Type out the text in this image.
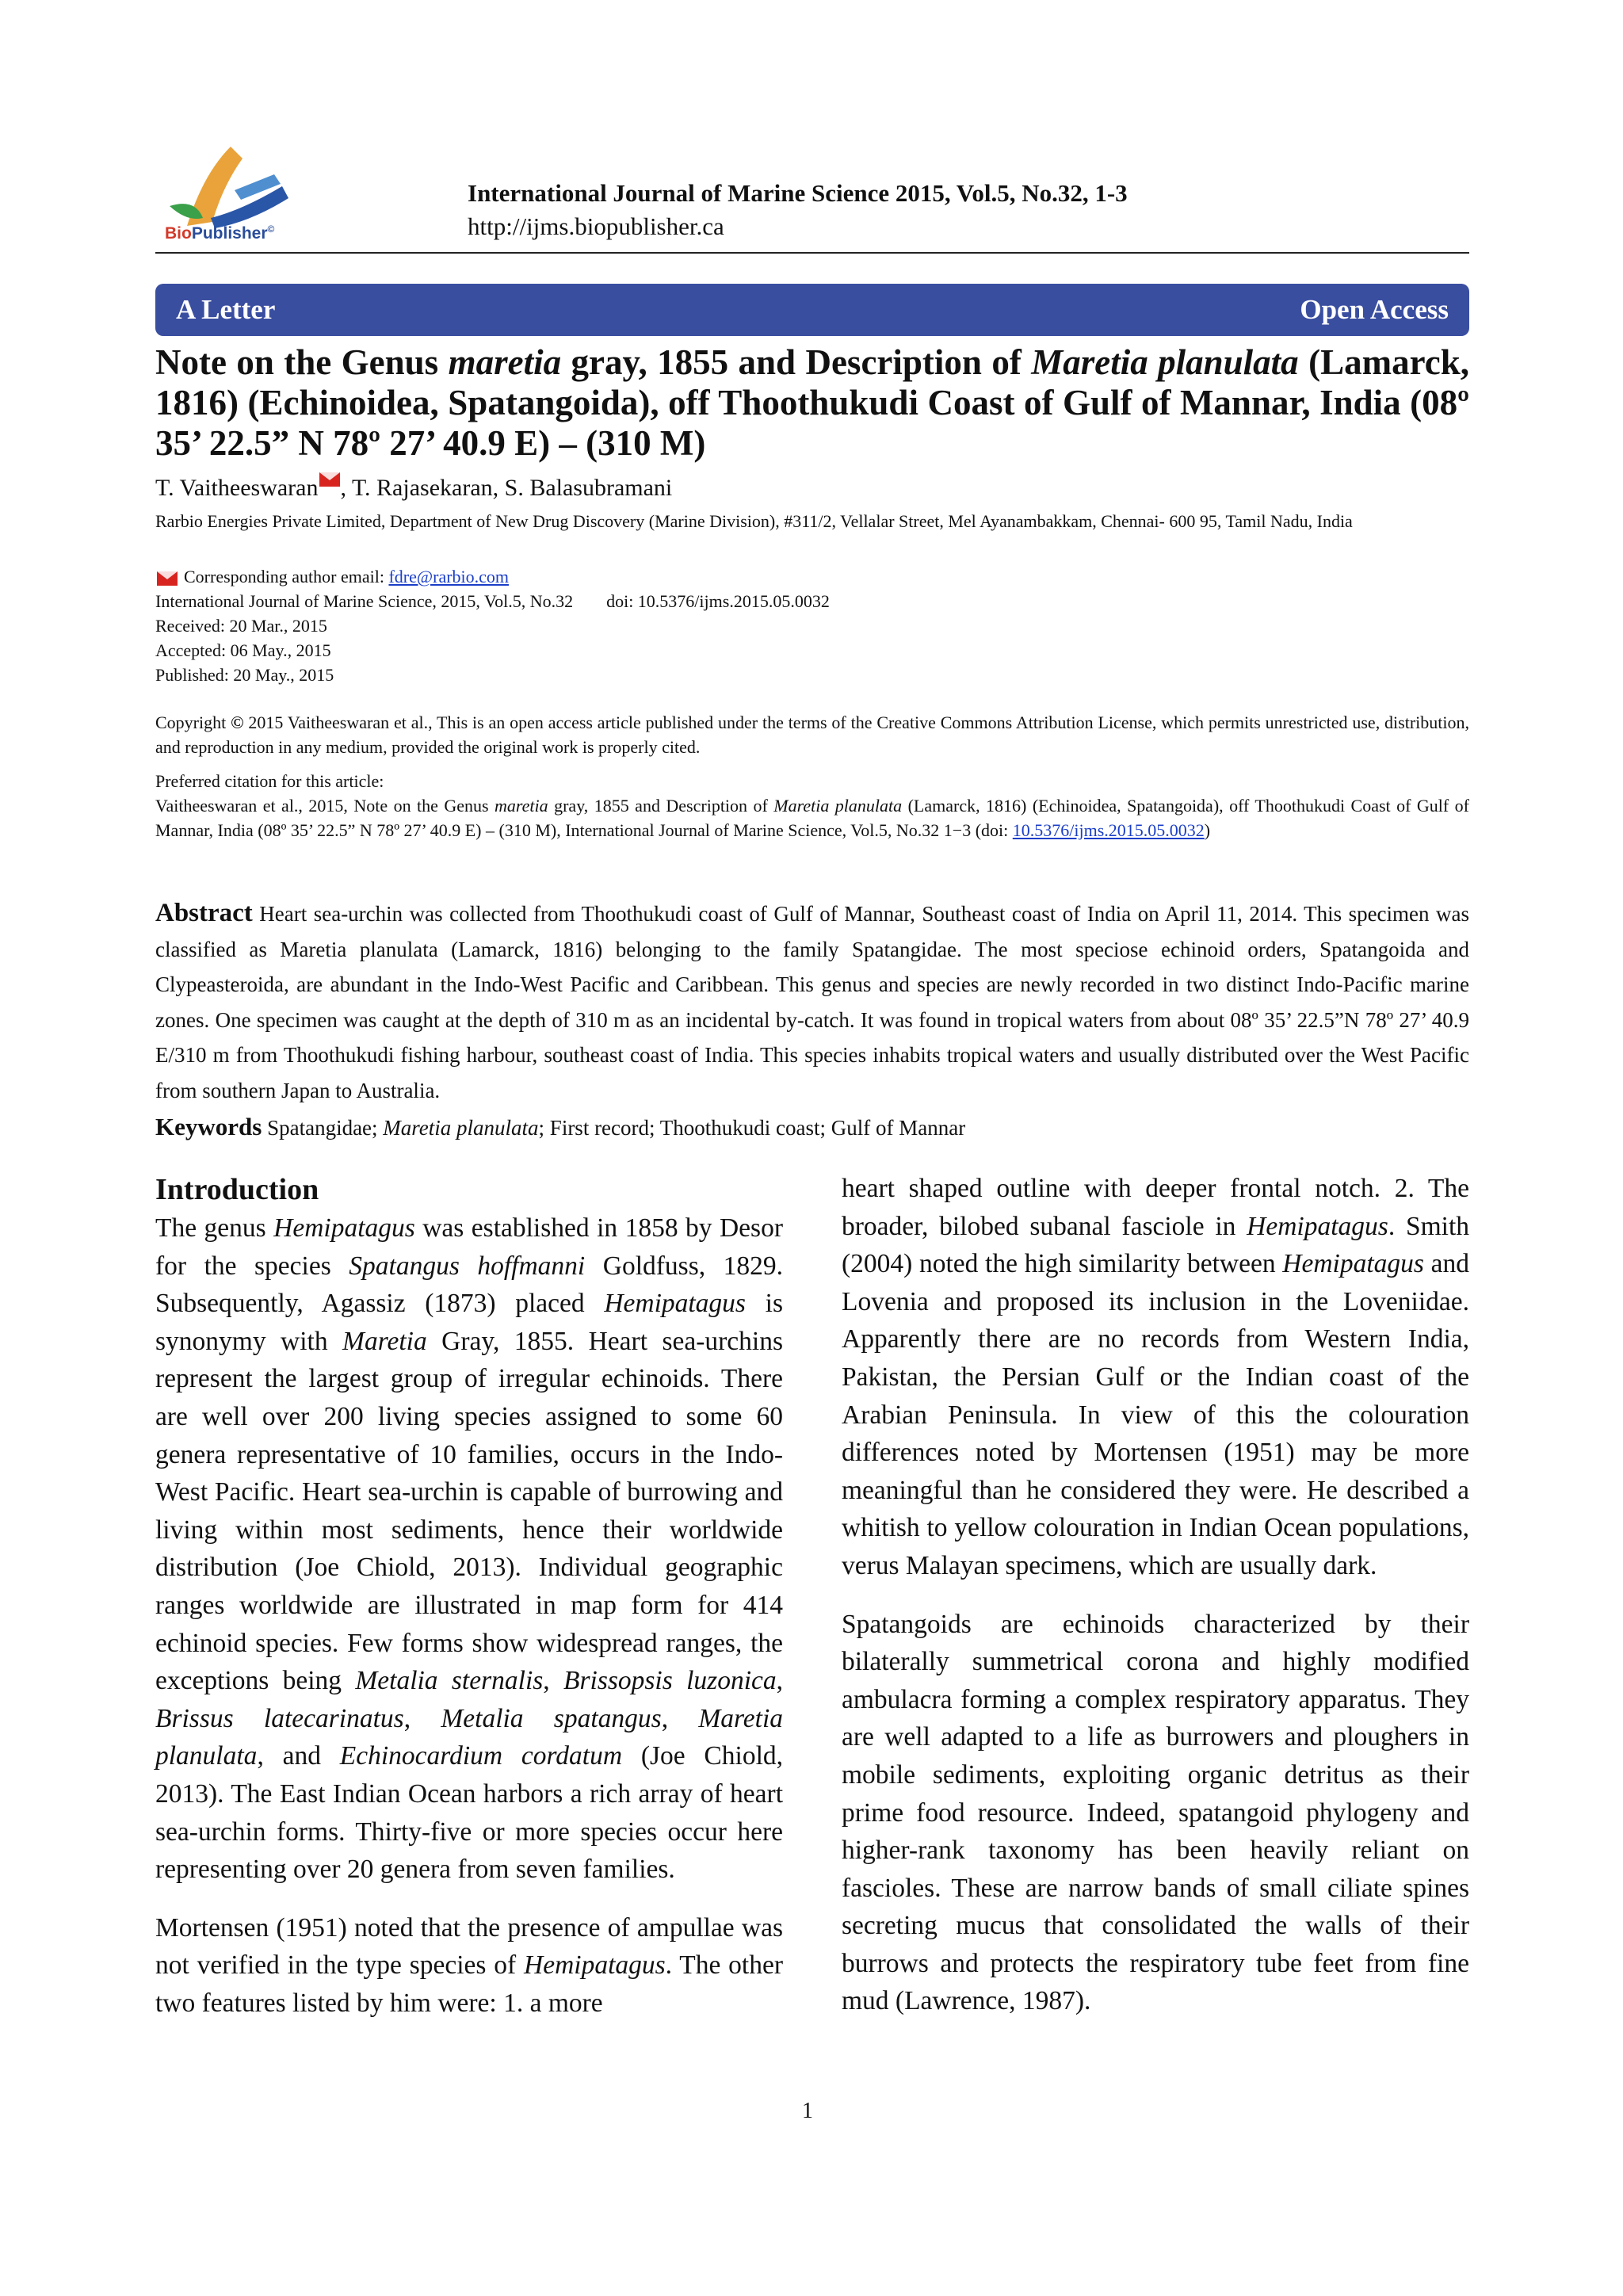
BioPublisher©
International Journal of Marine Science 2015, Vol.5, No.32, 1-3
http://ijms.biopublisher.ca
A Letter	Open Access
Note on the Genus maretia gray, 1855 and Description of Maretia planulata (Lamarck, 1816) (Echinoidea, Spatangoida), off Thoothukudi Coast of Gulf of Mannar, India (08º 35’ 22.5” N 78º 27’ 40.9 E) – (310 M)
T. Vaitheeswaran , T. Rajasekaran, S. Balasubramani
Rarbio Energies Private Limited, Department of New Drug Discovery (Marine Division), #311/2, Vellalar Street, Mel Ayanambakkam, Chennai- 600 95, Tamil Nadu, India
Corresponding author email: fdre@rarbio.com
International Journal of Marine Science, 2015, Vol.5, No.32 doi: 10.5376/ijms.2015.05.0032
Received: 20 Mar., 2015
Accepted: 06 May., 2015
Published: 20 May., 2015
Copyright © 2015 Vaitheeswaran et al., This is an open access article published under the terms of the Creative Commons Attribution License, which permits unrestricted use, distribution, and reproduction in any medium, provided the original work is properly cited.
Preferred citation for this article:
Vaitheeswaran et al., 2015, Note on the Genus maretia gray, 1855 and Description of Maretia planulata (Lamarck, 1816) (Echinoidea, Spatangoida), off Thoothukudi Coast of Gulf of Mannar, India (08º 35’ 22.5” N 78º 27’ 40.9 E) – (310 M), International Journal of Marine Science, Vol.5, No.32 1−3 (doi: 10.5376/ijms.2015.05.0032)
Abstract Heart sea-urchin was collected from Thoothukudi coast of Gulf of Mannar, Southeast coast of India on April 11, 2014. This specimen was classified as Maretia planulata (Lamarck, 1816) belonging to the family Spatangidae. The most speciose echinoid orders, Spatangoida and Clypeasteroida, are abundant in the Indo-West Pacific and Caribbean. This genus and species are newly recorded in two distinct Indo-Pacific marine zones. One specimen was caught at the depth of 310 m as an incidental by-catch. It was found in tropical waters from about 08º 35’ 22.5”N 78º 27’ 40.9 E/310 m from Thoothukudi fishing harbour, southeast coast of India. This species inhabits tropical waters and usually distributed over the West Pacific from southern Japan to Australia.
Keywords Spatangidae; Maretia planulata; First record; Thoothukudi coast; Gulf of Mannar
Introduction

The genus Hemipatagus was established in 1858 by Desor for the species Spatangus hoffmanni Goldfuss, 1829. Subsequently, Agassiz (1873) placed Hemipatagus is synonymy with Maretia Gray, 1855. Heart sea-urchins represent the largest group of irregular echinoids. There are well over 200 living species assigned to some 60 genera representative of 10 families, occurs in the Indo-West Pacific. Heart sea-urchin is capable of burrowing and living within most sediments, hence their worldwide distribution (Joe Chiold, 2013). Individual geographic ranges worldwide are illustrated in map form for 414 echinoid species. Few forms show widespread ranges, the exceptions being Metalia sternalis, Brissopsis luzonica, Brissus latecarinatus, Metalia spatangus, Maretia planulata, and Echinocardium cordatum (Joe Chiold, 2013). The East Indian Ocean harbors a rich array of heart sea-urchin forms. Thirty-five or more species occur here representing over 20 genera from seven families.

Mortensen (1951) noted that the presence of ampullae was not verified in the type species of Hemipatagus. The other two features listed by him were: 1. a more

heart shaped outline with deeper frontal notch. 2. The broader, bilobed subanal fasciole in Hemipatagus. Smith (2004) noted the high similarity between Hemipatagus and Lovenia and proposed its inclusion in the Loveniidae. Apparently there are no records from Western India, Pakistan, the Persian Gulf or the Indian coast of the Arabian Peninsula. In view of this the colouration differences noted by Mortensen (1951) may be more meaningful than he considered they were. He described a whitish to yellow colouration in Indian Ocean populations, verus Malayan specimens, which are usually dark.

Spatangoids are echinoids characterized by their bilaterally summetrical corona and highly modified ambulacra forming a complex respiratory apparatus. They are well adapted to a life as burrowers and ploughers in mobile sediments, exploiting organic detritus as their prime food resource. Indeed, spatangoid phylogeny and higher-rank taxonomy has been heavily reliant on fascioles. These are narrow bands of small ciliate spines secreting mucus that consolidated the walls of their burrows and protects the respiratory tube feet from fine mud (Lawrence, 1987).

1
